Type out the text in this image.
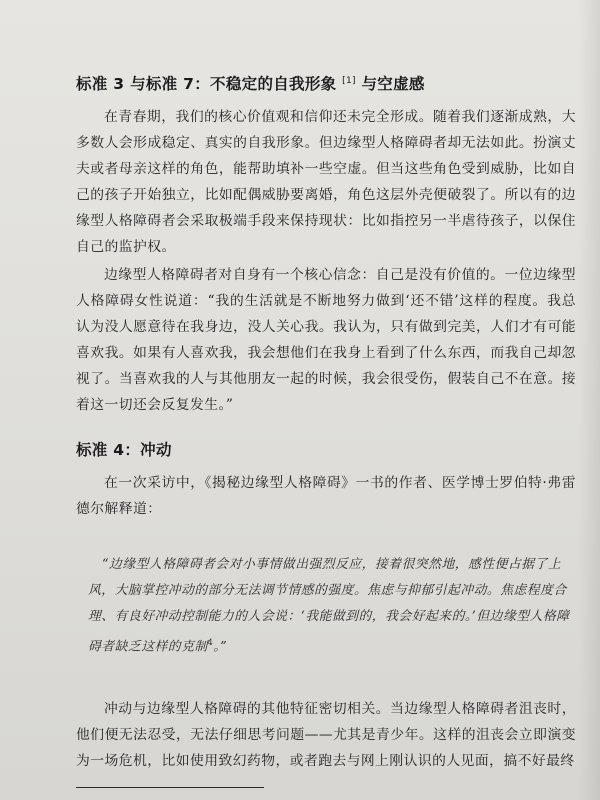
标准 3 与标准 7：不稳定的自我形象 [1] 与空虚感

在青春期，我们的核心价值观和信仰还未完全形成。随着我们逐渐成熟，大多数人会形成稳定、真实的自我形象。但边缘型人格障碍者却无法如此。扮演丈夫或者母亲这样的角色，能帮助填补一些空虚。但当这些角色受到威胁，比如自己的孩子开始独立，比如配偶威胁要离婚，角色这层外壳便破裂了。所以有的边缘型人格障碍者会采取极端手段来保持现状：比如指控另一半虐待孩子，以保住自己的监护权。

边缘型人格障碍者对自身有一个核心信念：自己是没有价值的。一位边缘型人格障碍女性说道：“我的生活就是不断地努力做到‘还不错’这样的程度。我总认为没人愿意待在我身边，没人关心我。我认为，只有做到完美，人们才有可能喜欢我。如果有人喜欢我，我会想他们在我身上看到了什么东西，而我自己却忽视了。当喜欢我的人与其他朋友一起的时候，我会很受伤，假装自己不在意。接着这一切还会反复发生。”

标准 4：冲动

在一次采访中，《揭秘边缘型人格障碍》一书的作者、医学博士罗伯特·弗雷德尔解释道：

“边缘型人格障碍者会对小事情做出强烈反应，接着很突然地，感性便占据了上风，大脑掌控冲动的部分无法调节情感的强度。焦虑与抑郁引起冲动。焦虑程度合理、有良好冲动控制能力的人会说：‘我能做到的，我会好起来的。’但边缘型人格障碍者缺乏这样的克制$^4$。”

冲动与边缘型人格障碍的其他特征密切相关。当边缘型人格障碍者沮丧时，他们便无法忍受，无法仔细思考问题——尤其是青少年。这样的沮丧会立即演变为一场危机，比如使用致幻药物，或者跑去与网上刚认识的人见面，搞不好最终
